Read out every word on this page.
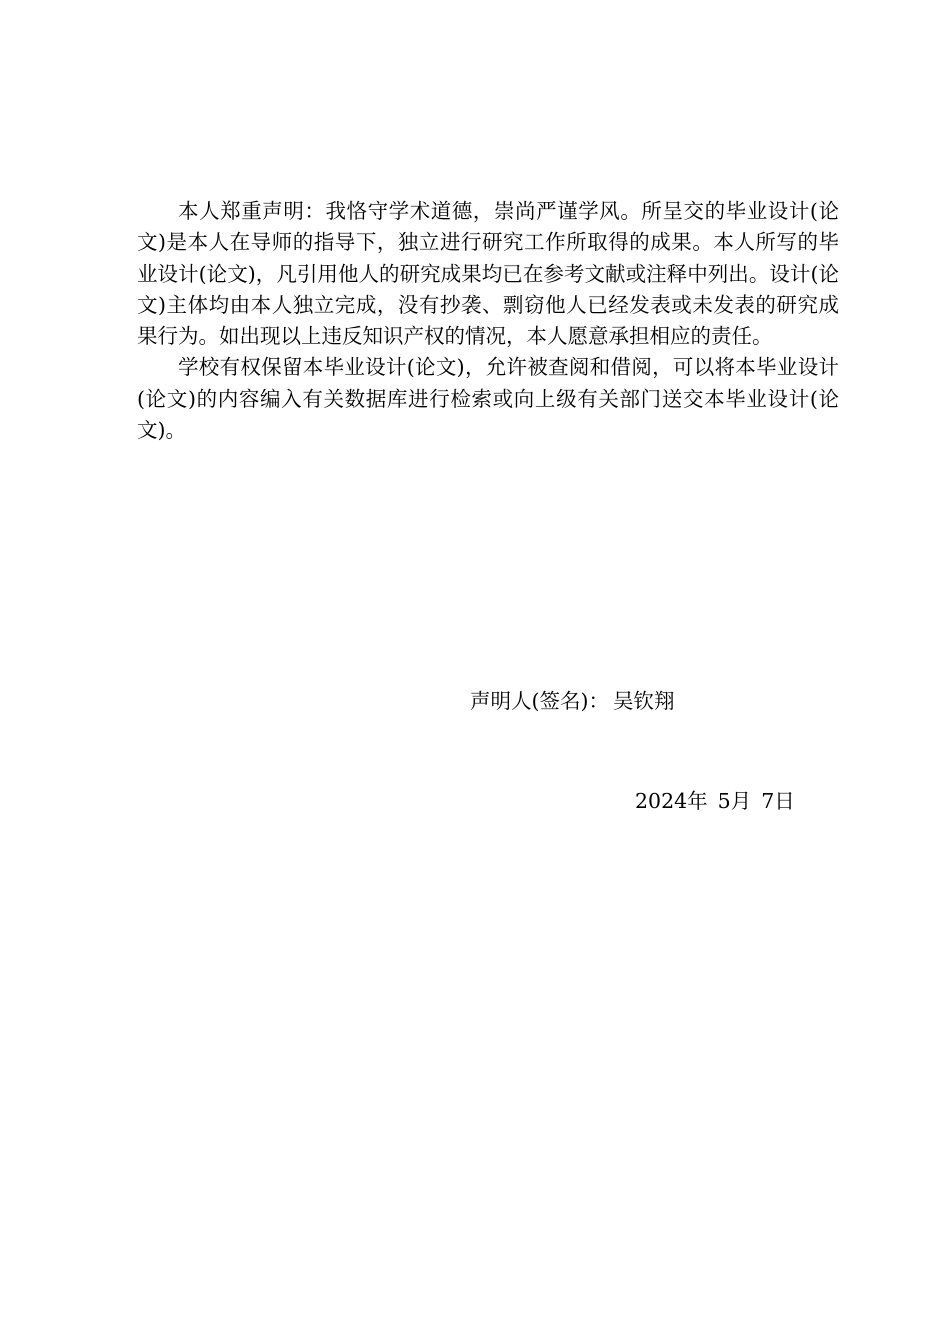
本人郑重声明：我恪守学术道德，崇尚严谨学风。所呈交的毕业设计(论文)是本人在导师的指导下，独立进行研究工作所取得的成果。本人所写的毕业设计(论文)，凡引用他人的研究成果均已在参考文献或注释中列出。设计(论文)主体均由本人独立完成，没有抄袭、剽窃他人已经发表或未发表的研究成果行为。如出现以上违反知识产权的情况，本人愿意承担相应的责任。

学校有权保留本毕业设计(论文)，允许被查阅和借阅，可以将本毕业设计(论文)的内容编入有关数据库进行检索或向上级有关部门送交本毕业设计(论文)。

声明人(签名)： 吴钦翔
2024年 5月 7日
